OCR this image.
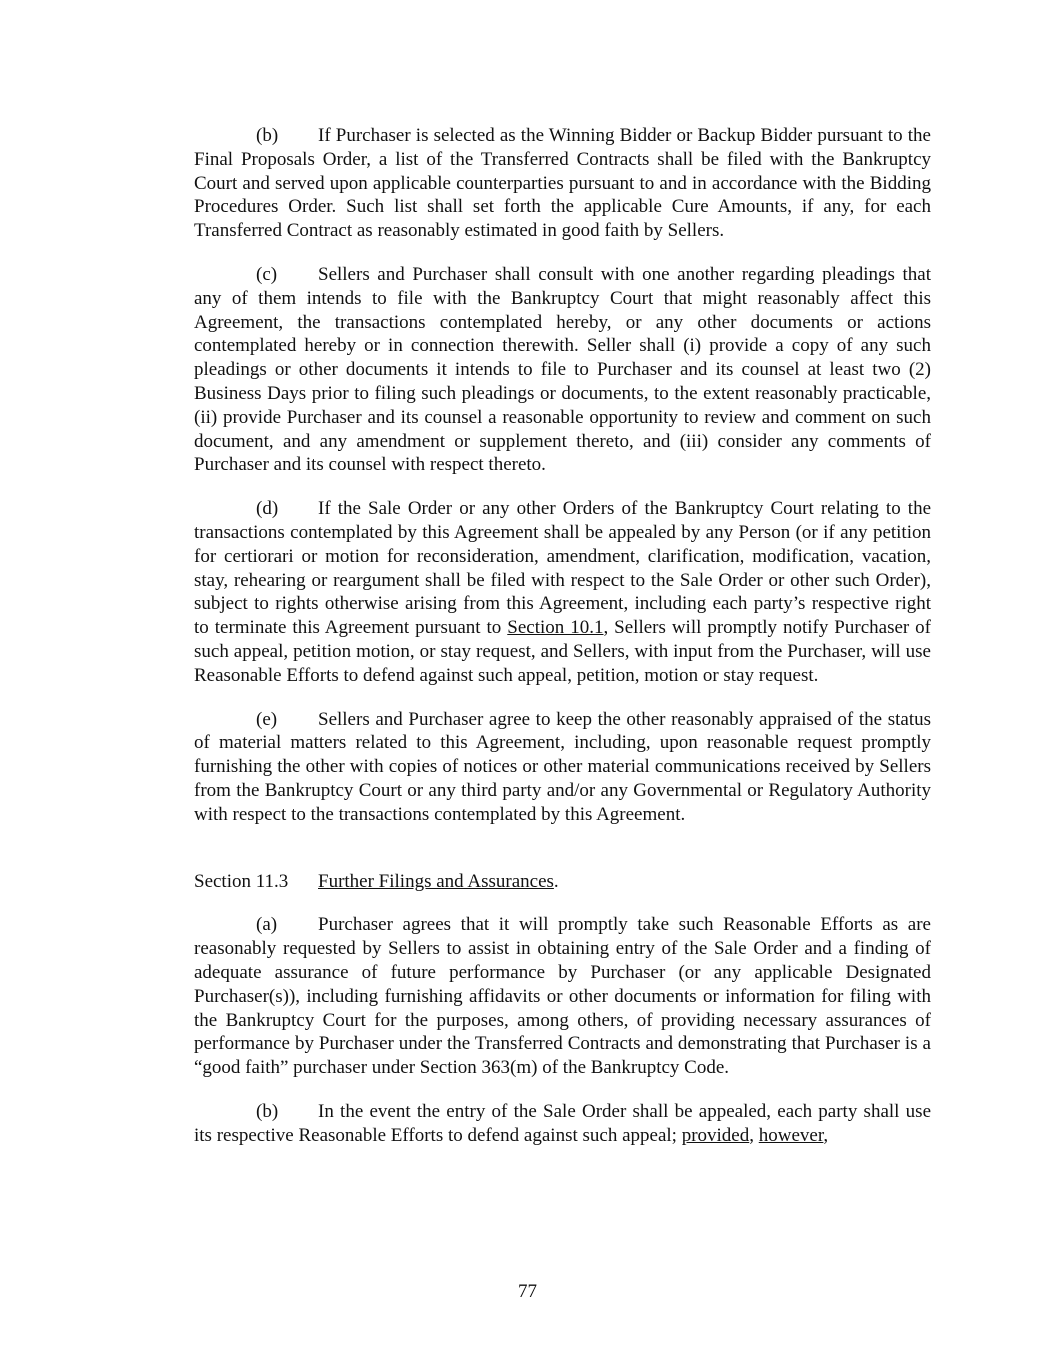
(b) If Purchaser is selected as the Winning Bidder or Backup Bidder pursuant to the Final Proposals Order, a list of the Transferred Contracts shall be filed with the Bankruptcy Court and served upon applicable counterparties pursuant to and in accordance with the Bidding Procedures Order. Such list shall set forth the applicable Cure Amounts, if any, for each Transferred Contract as reasonably estimated in good faith by Sellers.

(c) Sellers and Purchaser shall consult with one another regarding pleadings that any of them intends to file with the Bankruptcy Court that might reasonably affect this Agreement, the transactions contemplated hereby, or any other documents or actions contemplated hereby or in connection therewith. Seller shall (i) provide a copy of any such pleadings or other documents it intends to file to Purchaser and its counsel at least two (2) Business Days prior to filing such pleadings or documents, to the extent reasonably practicable, (ii) provide Purchaser and its counsel a reasonable opportunity to review and comment on such document, and any amendment or supplement thereto, and (iii) consider any comments of Purchaser and its counsel with respect thereto.

(d) If the Sale Order or any other Orders of the Bankruptcy Court relating to the transactions contemplated by this Agreement shall be appealed by any Person (or if any petition for certiorari or motion for reconsideration, amendment, clarification, modification, vacation, stay, rehearing or reargument shall be filed with respect to the Sale Order or other such Order), subject to rights otherwise arising from this Agreement, including each party’s respective right to terminate this Agreement pursuant to Section 10.1, Sellers will promptly notify Purchaser of such appeal, petition motion, or stay request, and Sellers, with input from the Purchaser, will use Reasonable Efforts to defend against such appeal, petition, motion or stay request.

(e) Sellers and Purchaser agree to keep the other reasonably appraised of the status of material matters related to this Agreement, including, upon reasonable request promptly furnishing the other with copies of notices or other material communications received by Sellers from the Bankruptcy Court or any third party and/or any Governmental or Regulatory Authority with respect to the transactions contemplated by this Agreement.

Section 11.3 Further Filings and Assurances.

(a) Purchaser agrees that it will promptly take such Reasonable Efforts as are reasonably requested by Sellers to assist in obtaining entry of the Sale Order and a finding of adequate assurance of future performance by Purchaser (or any applicable Designated Purchaser(s)), including furnishing affidavits or other documents or information for filing with the Bankruptcy Court for the purposes, among others, of providing necessary assurances of performance by Purchaser under the Transferred Contracts and demonstrating that Purchaser is a “good faith” purchaser under Section 363(m) of the Bankruptcy Code.

(b) In the event the entry of the Sale Order shall be appealed, each party shall use its respective Reasonable Efforts to defend against such appeal; provided, however,

77
